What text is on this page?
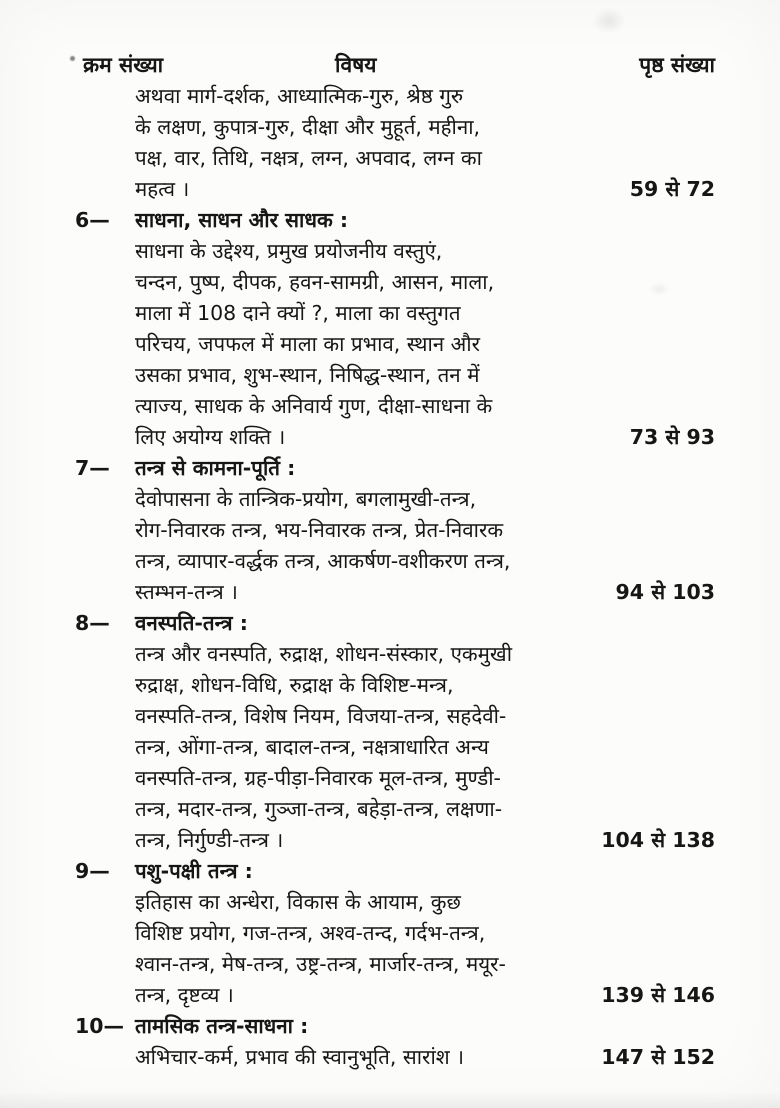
क्रम संख्या	विषय	पृष्ठ संख्या
अथवा मार्ग-दर्शक, आध्यात्मिक-गुरु, श्रेष्ठ गुरु
के लक्षण, कुपात्र-गुरु, दीक्षा और मुहूर्त, महीना,
पक्ष, वार, तिथि, नक्षत्र, लग्न, अपवाद, लग्न का
महत्व ।	59 से 72
6—	साधना, साधन और साधक :
साधना के उद्देश्य, प्रमुख प्रयोजनीय वस्तुएं,
चन्दन, पुष्प, दीपक, हवन-सामग्री, आसन, माला,
माला में 108 दाने क्यों ?, माला का वस्तुगत
परिचय, जपफल में माला का प्रभाव, स्थान और
उसका प्रभाव, शुभ-स्थान, निषिद्ध-स्थान, तन में
त्याज्य, साधक के अनिवार्य गुण, दीक्षा-साधना के
लिए अयोग्य शक्ति ।	73 से 93
7—	तन्त्र से कामना-पूर्ति :
देवोपासना के तान्त्रिक-प्रयोग, बगलामुखी-तन्त्र,
रोग-निवारक तन्त्र, भय-निवारक तन्त्र, प्रेत-निवारक
तन्त्र, व्यापार-वर्द्धक तन्त्र, आकर्षण-वशीकरण तन्त्र,
स्तम्भन-तन्त्र ।	94 से 103
8—	वनस्पति-तन्त्र :
तन्त्र और वनस्पति, रुद्राक्ष, शोधन-संस्कार, एकमुखी
रुद्राक्ष, शोधन-विधि, रुद्राक्ष के विशिष्ट-मन्त्र,
वनस्पति-तन्त्र, विशेष नियम, विजया-तन्त्र, सहदेवी-
तन्त्र, ओंगा-तन्त्र, बादाल-तन्त्र, नक्षत्राधारित अन्य
वनस्पति-तन्त्र, ग्रह-पीड़ा-निवारक मूल-तन्त्र, मुण्डी-
तन्त्र, मदार-तन्त्र, गुञ्जा-तन्त्र, बहेड़ा-तन्त्र, लक्षणा-
तन्त्र, निर्गुण्डी-तन्त्र ।	104 से 138
9—	पशु-पक्षी तन्त्र :
इतिहास का अन्धेरा, विकास के आयाम, कुछ
विशिष्ट प्रयोग, गज-तन्त्र, अश्व-तन्द, गर्दभ-तन्त्र,
श्वान-तन्त्र, मेष-तन्त्र, उष्ट्र-तन्त्र, मार्जार-तन्त्र, मयूर-
तन्त्र, दृष्टव्य ।	139 से 146
10— तामसिक तन्त्र-साधना :
अभिचार-कर्म, प्रभाव की स्वानुभूति, सारांश ।	147 से 152
